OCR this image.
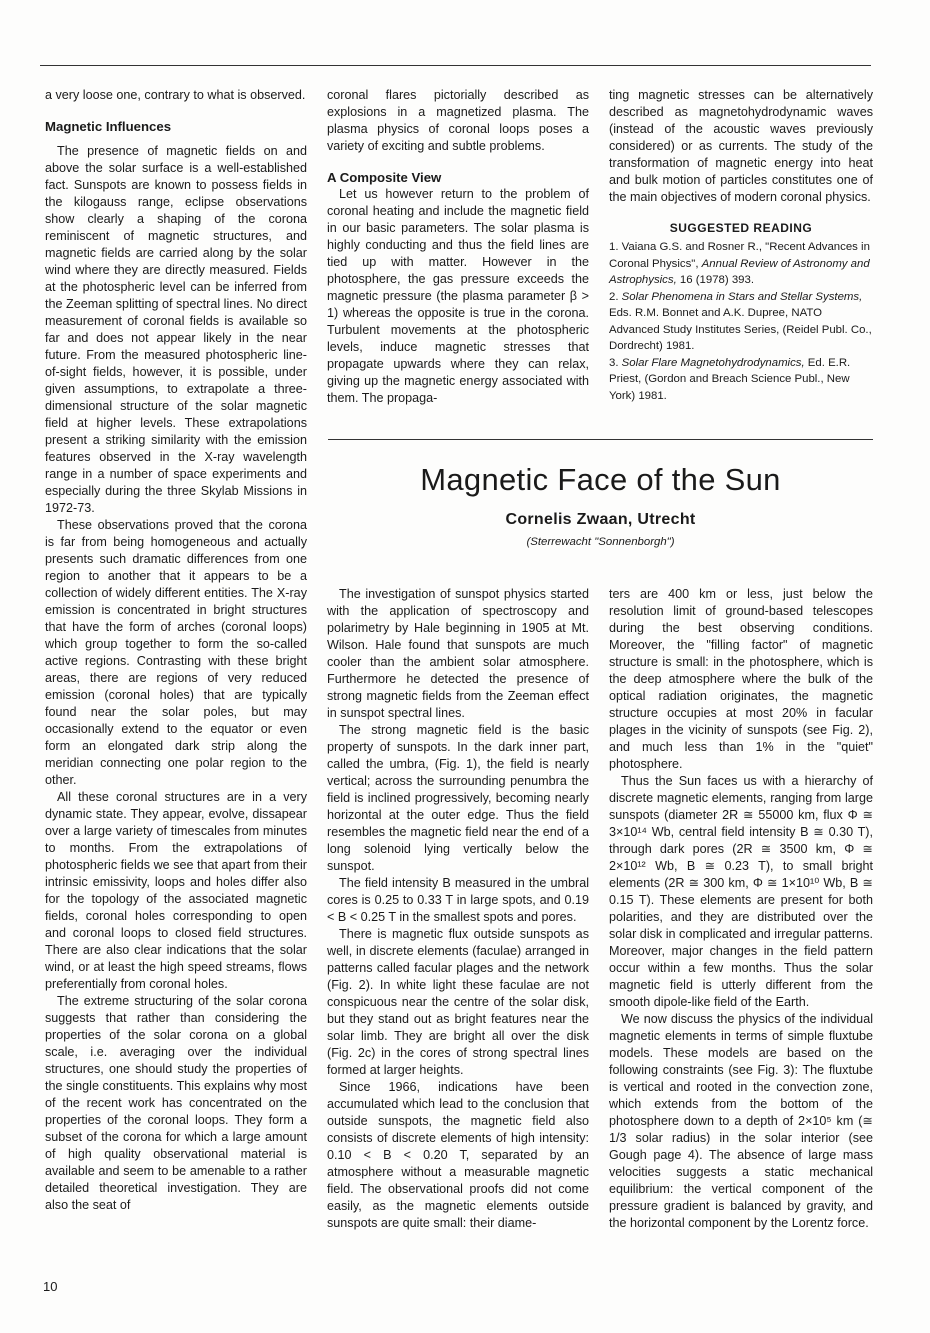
a very loose one, contrary to what is observed.

Magnetic Influences

The presence of magnetic fields on and above the solar surface is a well-established fact. Sunspots are known to possess fields in the kilogauss range, eclipse observations show clearly a shaping of the corona reminiscent of magnetic structures, and magnetic fields are carried along by the solar wind where they are directly measured. Fields at the photospheric level can be inferred from the Zeeman splitting of spectral lines. No direct measurement of coronal fields is available so far and does not appear likely in the near future. From the measured photospheric line-of-sight fields, however, it is possible, under given assumptions, to extrapolate a three-dimensional structure of the solar magnetic field at higher levels. These extrapolations present a striking similarity with the emission features observed in the X-ray wavelength range in a number of space experiments and especially during the three Skylab Missions in 1972-73.

These observations proved that the corona is far from being homogeneous and actually presents such dramatic differences from one region to another that it appears to be a collection of widely different entities. The X-ray emission is concentrated in bright structures that have the form of arches (coronal loops) which group together to form the so-called active regions. Contrasting with these bright areas, there are regions of very reduced emission (coronal holes) that are typically found near the solar poles, but may occasionally extend to the equator or even form an elongated dark strip along the meridian connecting one polar region to the other.

All these coronal structures are in a very dynamic state. They appear, evolve, dissapear over a large variety of timescales from minutes to months. From the extrapolations of photospheric fields we see that apart from their intrinsic emissivity, loops and holes differ also for the topology of the associated magnetic fields, coronal holes corresponding to open and coronal loops to closed field structures. There are also clear indications that the solar wind, or at least the high speed streams, flows preferentially from coronal holes.

The extreme structuring of the solar corona suggests that rather than considering the properties of the solar corona on a global scale, i.e. averaging over the individual structures, one should study the properties of the single constituents. This explains why most of the recent work has concentrated on the properties of the coronal loops. They form a subset of the corona for which a large amount of high quality observational material is available and seem to be amenable to a rather detailed theoretical investigation. They are also the seat of

coronal flares pictorially described as explosions in a magnetized plasma. The plasma physics of coronal loops poses a variety of exciting and subtle problems.

A Composite View

Let us however return to the problem of coronal heating and include the magnetic field in our basic parameters. The solar plasma is highly conducting and thus the field lines are tied up with matter. However in the photosphere, the gas pressure exceeds the magnetic pressure (the plasma parameter β > 1) whereas the opposite is true in the corona. Turbulent movements at the photospheric levels, induce magnetic stresses that propagate upwards where they can relax, giving up the magnetic energy associated with them. The propaga-

ting magnetic stresses can be alternatively described as magnetohydrodynamic waves (instead of the acoustic waves previously considered) or as currents. The study of the transformation of magnetic energy into heat and bulk motion of particles constitutes one of the main objectives of modern coronal physics.

SUGGESTED READING

1. Vaiana G.S. and Rosner R., "Recent Advances in Coronal Physics", Annual Review of Astronomy and Astrophysics, 16 (1978) 393.

2. Solar Phenomena in Stars and Stellar Systems, Eds. R.M. Bonnet and A.K. Dupree, NATO Advanced Study Institutes Series, (Reidel Publ. Co., Dordrecht) 1981.

3. Solar Flare Magnetohydrodynamics, Ed. E.R. Priest, (Gordon and Breach Science Publ., New York) 1981.

Magnetic Face of the Sun

Cornelis Zwaan, Utrecht

(Sterrewacht "Sonnenborgh")

The investigation of sunspot physics started with the application of spectroscopy and polarimetry by Hale beginning in 1905 at Mt. Wilson. Hale found that sunspots are much cooler than the ambient solar atmosphere. Furthermore he detected the presence of strong magnetic fields from the Zeeman effect in sunspot spectral lines.

The strong magnetic field is the basic property of sunspots. In the dark inner part, called the umbra, (Fig. 1), the field is nearly vertical; across the surrounding penumbra the field is inclined progressively, becoming nearly horizontal at the outer edge. Thus the field resembles the magnetic field near the end of a long solenoid lying vertically below the sunspot.

The field intensity B measured in the umbral cores is 0.25 to 0.33 T in large spots, and 0.19 < B < 0.25 T in the smallest spots and pores.

There is magnetic flux outside sunspots as well, in discrete elements (faculae) arranged in patterns called facular plages and the network (Fig. 2). In white light these faculae are not conspicuous near the centre of the solar disk, but they stand out as bright features near the solar limb. They are bright all over the disk (Fig. 2c) in the cores of strong spectral lines formed at larger heights.

Since 1966, indications have been accumulated which lead to the conclusion that outside sunspots, the magnetic field also consists of discrete elements of high intensity: 0.10 < B < 0.20 T, separated by an atmosphere without a measurable magnetic field. The observational proofs did not come easily, as the magnetic elements outside sunspots are quite small: their diame-

ters are 400 km or less, just below the resolution limit of ground-based telescopes during the best observing conditions. Moreover, the "filling factor" of magnetic structure is small: in the photosphere, which is the deep atmosphere where the bulk of the optical radiation originates, the magnetic structure occupies at most 20% in facular plages in the vicinity of sunspots (see Fig. 2), and much less than 1% in the "quiet" photosphere.

Thus the Sun faces us with a hierarchy of discrete magnetic elements, ranging from large sunspots (diameter 2R ≅ 55000 km, flux Φ ≅ 3×10¹⁴ Wb, central field intensity B ≅ 0.30 T), through dark pores (2R ≅ 3500 km, Φ ≅ 2×10¹² Wb, B ≅ 0.23 T), to small bright elements (2R ≅ 300 km, Φ ≅ 1×10¹⁰ Wb, B ≅ 0.15 T). These elements are present for both polarities, and they are distributed over the solar disk in complicated and irregular patterns. Moreover, major changes in the field pattern occur within a few months. Thus the solar magnetic field is utterly different from the smooth dipole-like field of the Earth.

We now discuss the physics of the individual magnetic elements in terms of simple fluxtube models. These models are based on the following constraints (see Fig. 3): The fluxtube is vertical and rooted in the convection zone, which extends from the bottom of the photosphere down to a depth of 2×10⁵ km (≅ 1/3 solar radius) in the solar interior (see Gough page 4). The absence of large mass velocities suggests a static mechanical equilibrium: the vertical component of the pressure gradient is balanced by gravity, and the horizontal component by the Lorentz force.

10
